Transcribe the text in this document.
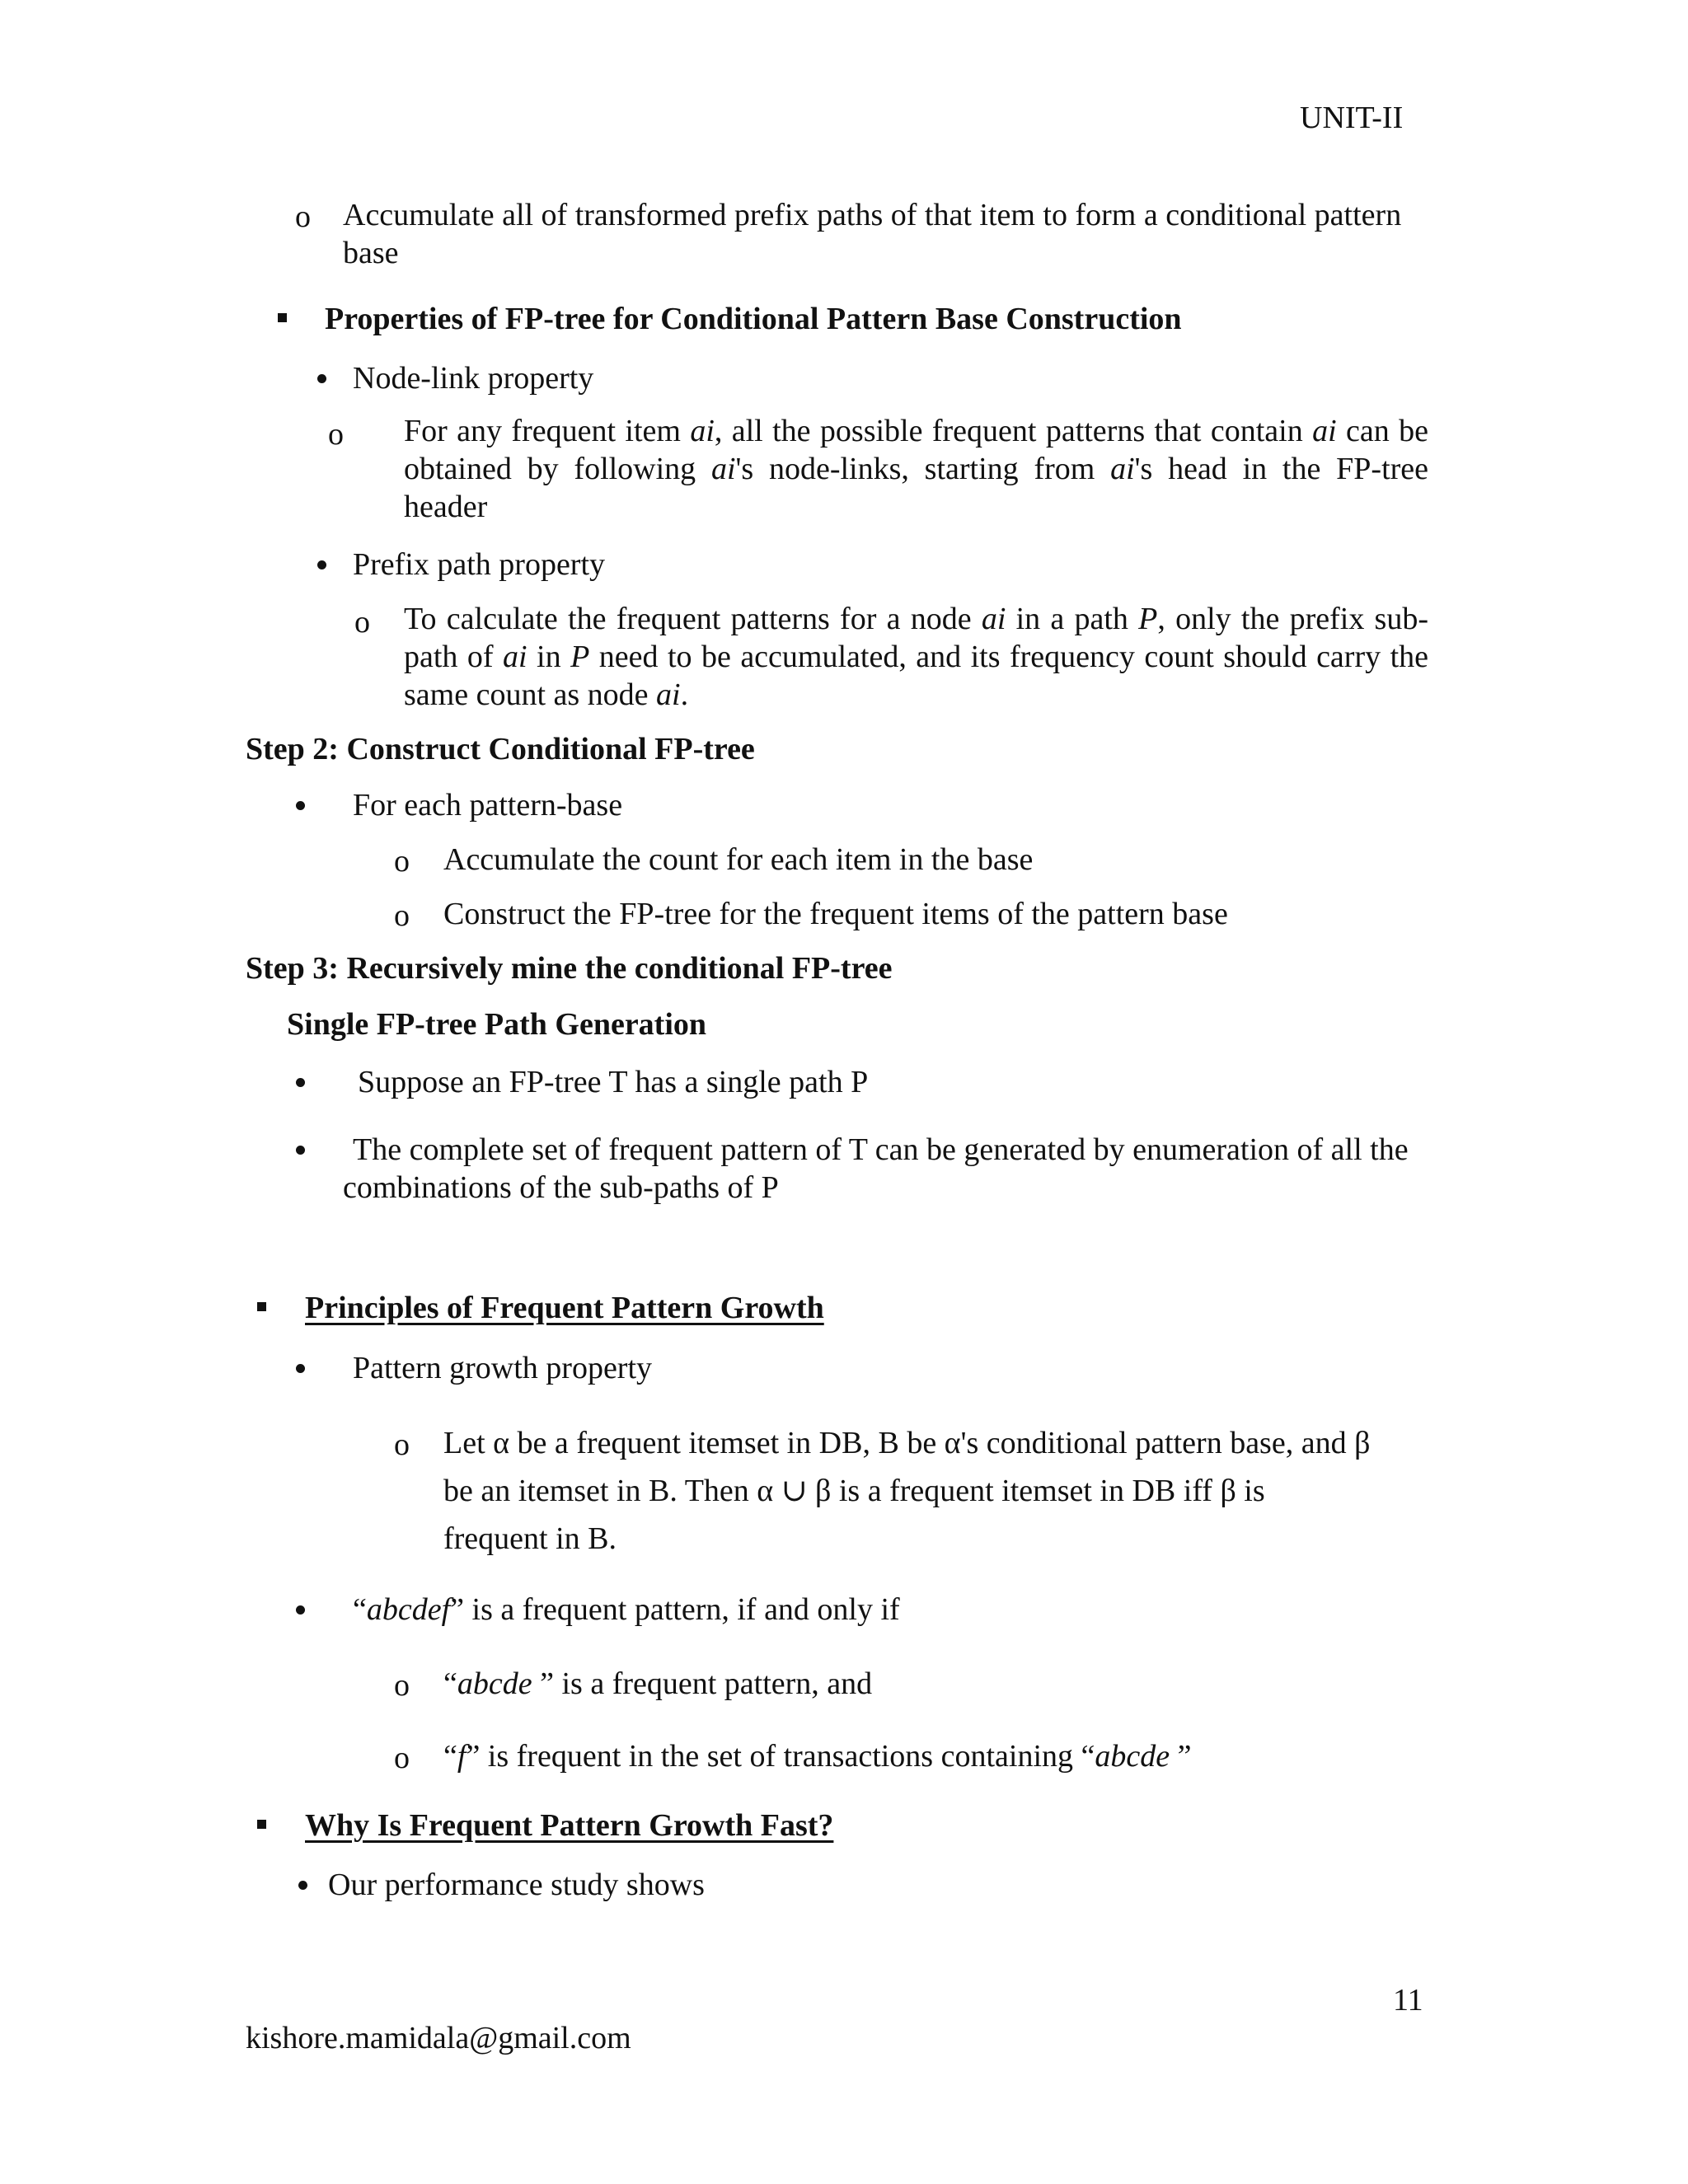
UNIT-II
o Accumulate all of transformed prefix paths of that item to form a conditional pattern base
Properties of FP-tree for Conditional Pattern Base Construction
Node-link property
o For any frequent item ai, all the possible frequent patterns that contain ai can be obtained by following ai's node-links, starting from ai's head in the FP-tree header
Prefix path property
o To calculate the frequent patterns for a node ai in a path P, only the prefix sub-path of ai in P need to be accumulated, and its frequency count should carry the same count as node ai.
Step 2: Construct Conditional FP-tree
For each pattern-base
o Accumulate the count for each item in the base
o Construct the FP-tree for the frequent items of the pattern base
Step 3: Recursively mine the conditional FP-tree
Single FP-tree Path Generation
Suppose an FP-tree T has a single path P
The complete set of frequent pattern of T can be generated by enumeration of all the combinations of the sub-paths of P
Principles of Frequent Pattern Growth
Pattern growth property
o Let α be a frequent itemset in DB, B be α's conditional pattern base, and β
be an itemset in B. Then α ∪ β is a frequent itemset in DB iff β is
frequent in B.
“abcdef” is a frequent pattern, if and only if
o “abcde ” is a frequent pattern, and
o “f” is frequent in the set of transactions containing “abcde ”
Why Is Frequent Pattern Growth Fast?
Our performance study shows
11
kishore.mamidala@gmail.com
